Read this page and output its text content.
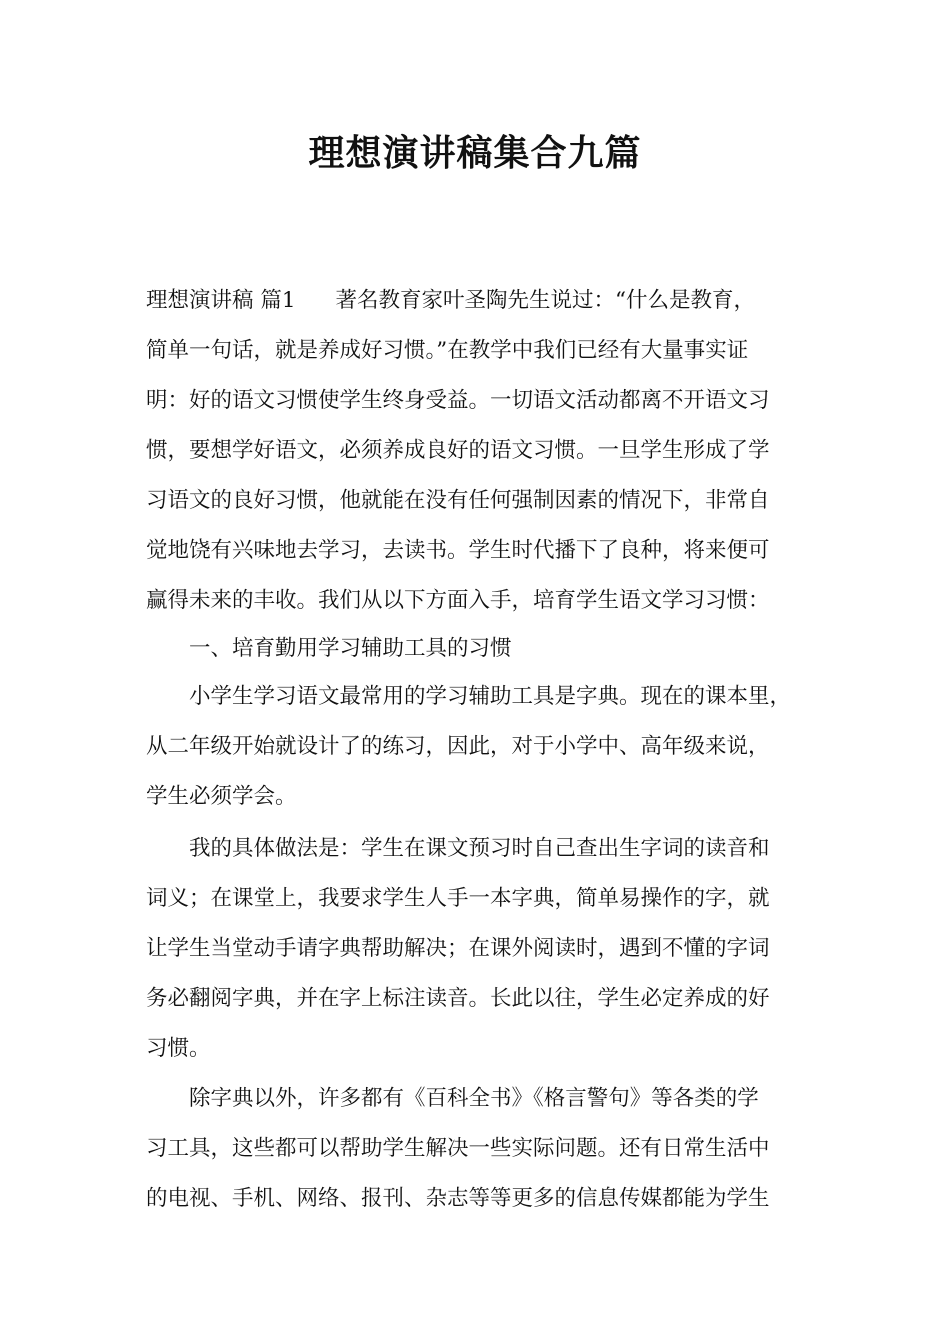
理想演讲稿集合九篇
理想演讲稿 篇1 著名教育家叶圣陶先生说过：“什么是教育，
简单一句话，就是养成好习惯。”在教学中我们已经有大量事实证
明：好的语文习惯使学生终身受益。一切语文活动都离不开语文习
惯，要想学好语文，必须养成良好的语文习惯。一旦学生形成了学
习语文的良好习惯，他就能在没有任何强制因素的情况下，非常自
觉地饶有兴味地去学习，去读书。学生时代播下了良种，将来便可
赢得未来的丰收。我们从以下方面入手，培育学生语文学习习惯：
一、培育勤用学习辅助工具的习惯
小学生学习语文最常用的学习辅助工具是字典。现在的课本里，
从二年级开始就设计了的练习，因此，对于小学中、高年级来说，
学生必须学会。
我的具体做法是：学生在课文预习时自己查出生字词的读音和
词义；在课堂上，我要求学生人手一本字典，简单易操作的字，就
让学生当堂动手请字典帮助解决；在课外阅读时，遇到不懂的字词
务必翻阅字典，并在字上标注读音。长此以往，学生必定养成的好
习惯。
除字典以外，许多都有《百科全书》《格言警句》等各类的学
习工具，这些都可以帮助学生解决一些实际问题。还有日常生活中
的电视、手机、网络、报刊、杂志等等更多的信息传媒都能为学生
